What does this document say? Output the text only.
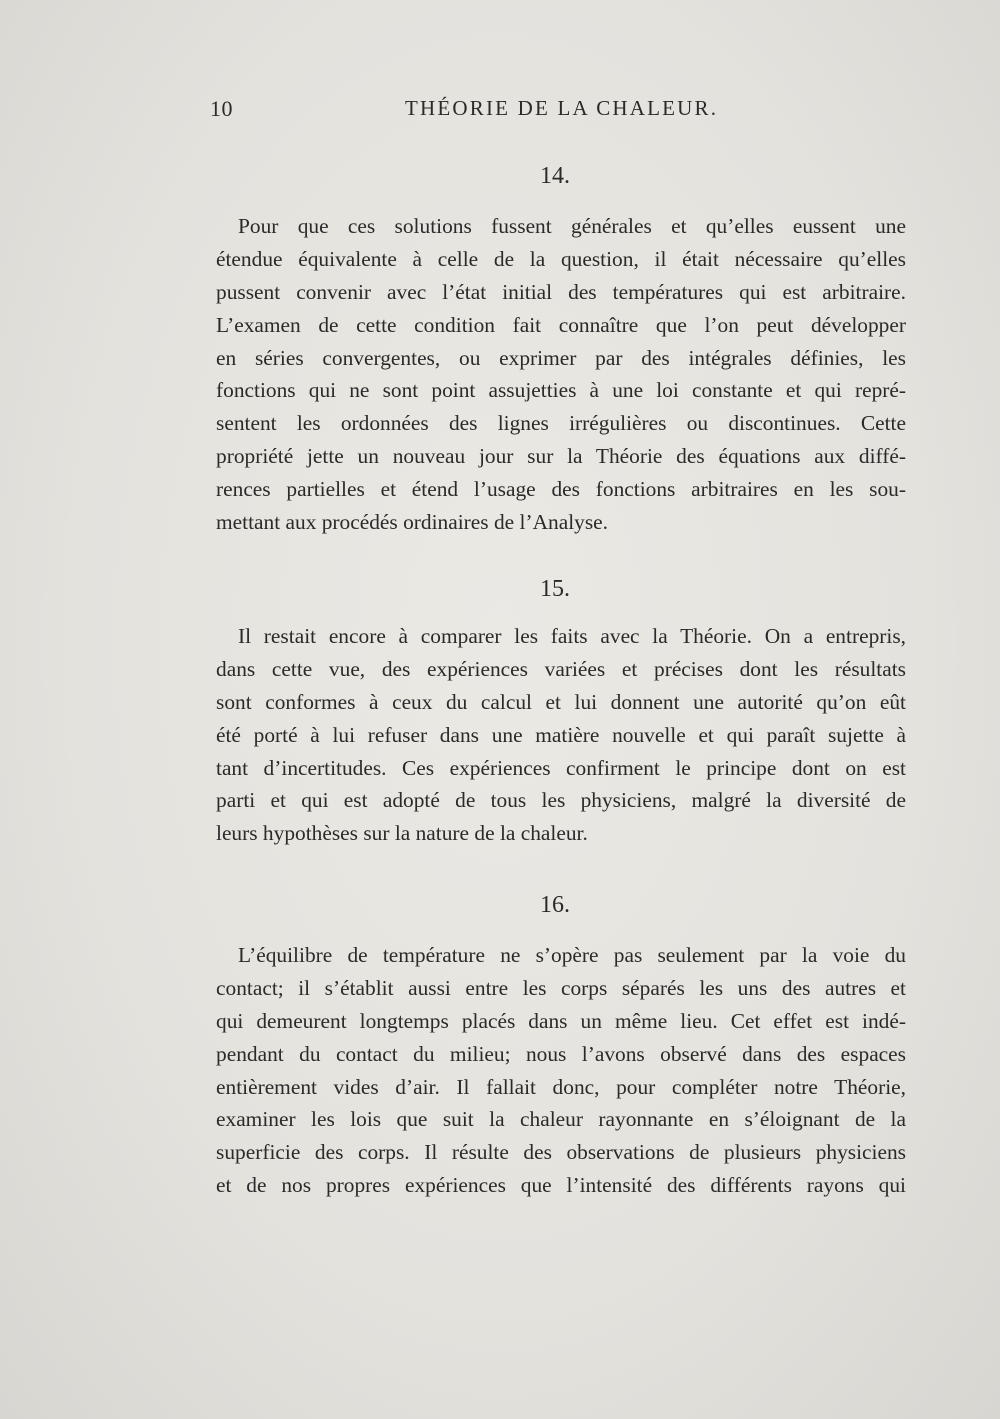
10	THÉORIE DE LA CHALEUR.
14.
Pour que ces solutions fussent générales et qu’elles eussent une
étendue équivalente à celle de la question, il était nécessaire qu’elles
pussent convenir avec l’état initial des températures qui est arbitraire.
L’examen de cette condition fait connaître que l’on peut développer
en séries convergentes, ou exprimer par des intégrales définies, les
fonctions qui ne sont point assujetties à une loi constante et qui repré-
sentent les ordonnées des lignes irrégulières ou discontinues. Cette
propriété jette un nouveau jour sur la Théorie des équations aux diffé-
rences partielles et étend l’usage des fonctions arbitraires en les sou-
mettant aux procédés ordinaires de l’Analyse.
15.
Il restait encore à comparer les faits avec la Théorie. On a entrepris,
dans cette vue, des expériences variées et précises dont les résultats
sont conformes à ceux du calcul et lui donnent une autorité qu’on eût
été porté à lui refuser dans une matière nouvelle et qui paraît sujette à
tant d’incertitudes. Ces expériences confirment le principe dont on est
parti et qui est adopté de tous les physiciens, malgré la diversité de
leurs hypothèses sur la nature de la chaleur.
16.
L’équilibre de température ne s’opère pas seulement par la voie du
contact; il s’établit aussi entre les corps séparés les uns des autres et
qui demeurent longtemps placés dans un même lieu. Cet effet est indé-
pendant du contact du milieu; nous l’avons observé dans des espaces
entièrement vides d’air. Il fallait donc, pour compléter notre Théorie,
examiner les lois que suit la chaleur rayonnante en s’éloignant de la
superficie des corps. Il résulte des observations de plusieurs physiciens
et de nos propres expériences que l’intensité des différents rayons qui
